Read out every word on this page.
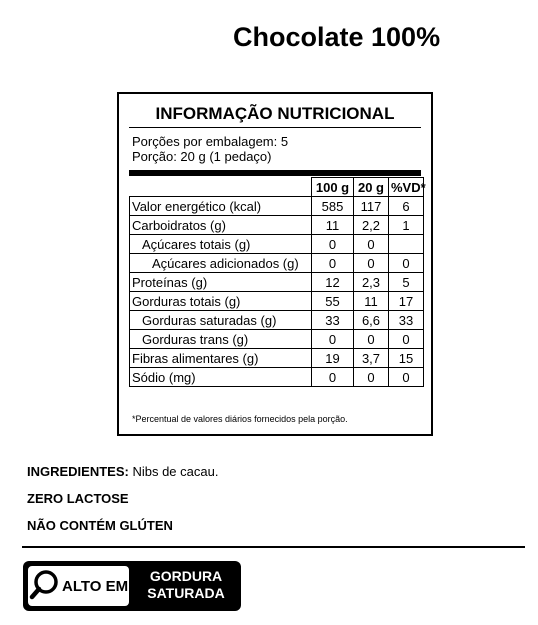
Chocolate 100%
INFORMAÇÃO NUTRICIONAL
Porções por embalagem: 5
Porção: 20 g (1 pedaço)
	100 g	20 g	%VD*
Valor energético (kcal)	585	117	6
Carboidratos (g)	11	2,2	1
Açúcares totais (g)	0	0	
Açúcares adicionados (g)	0	0	0
Proteínas (g)	12	2,3	5
Gorduras totais (g)	55	11	17
Gorduras saturadas (g)	33	6,6	33
Gorduras trans (g)	0	0	0
Fibras alimentares (g)	19	3,7	15
Sódio (mg)	0	0	0
*Percentual de valores diários fornecidos pela porção.
INGREDIENTES: Nibs de cacau.
ZERO LACTOSE
NÃO CONTÉM GLÚTEN
ALTO EM
GORDURA
SATURADA
